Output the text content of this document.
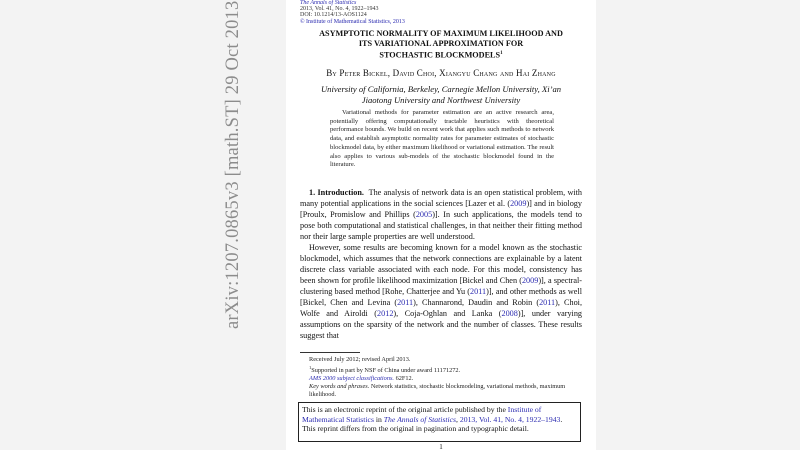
arXiv:1207.0865v3 [math.ST] 29 Oct 2013	The Annals of Statistics
2013, Vol. 41, No. 4, 1922–1943
DOI: 10.1214/13-AOS1124
© Institute of Mathematical Statistics, 2013
ASYMPTOTIC NORMALITY OF MAXIMUM LIKELIHOOD AND
ITS VARIATIONAL APPROXIMATION FOR
STOCHASTIC BLOCKMODELS$^1$
By Peter Bickel, David Choi, Xiangyu Chang and Hai Zhang
University of California, Berkeley, Carnegie Mellon University, Xi’an
Jiaotong University and Northwest University

Variational methods for parameter estimation are an active research area, potentially offering computationally tractable heuristics with theoretical performance bounds. We build on recent work that applies such methods to network data, and establish asymptotic normality rates for parameter estimates of stochastic blockmodel data, by either maximum likelihood or variational estimation. The result also applies to various sub-models of the stochastic blockmodel found in the literature.

1. Introduction. The analysis of network data is an open statistical problem, with many potential applications in the social sciences [Lazer et al. (2009)] and in biology [Proulx, Promislow and Phillips (2005)]. In such applications, the models tend to pose both computational and statistical challenges, in that neither their fitting method nor their large sample properties are well understood.

However, some results are becoming known for a model known as the stochastic blockmodel, which assumes that the network connections are explainable by a latent discrete class variable associated with each node. For this model, consistency has been shown for profile likelihood maximization [Bickel and Chen (2009)], a spectral-clustering based method [Rohe, Chatterjee and Yu (2011)], and other methods as well [Bickel, Chen and Levina (2011), Channarond, Daudin and Robin (2011), Choi, Wolfe and Airoldi (2012), Coja-Oghlan and Lanka (2008)], under varying assumptions on the sparsity of the network and the number of classes. These results suggest that

Received July 2012; revised April 2013.
$^1$Supported in part by NSF of China under award 11171272.
AMS 2000 subject classifications. 62F12.
Key words and phrases. Network statistics, stochastic blockmodeling, variational methods, maximum likelihood.
This is an electronic reprint of the original article published by the Institute of Mathematical Statistics in The Annals of Statistics, 2013, Vol. 41, No. 4, 1922–1943. This reprint differs from the original in pagination and typographic detail.
1
